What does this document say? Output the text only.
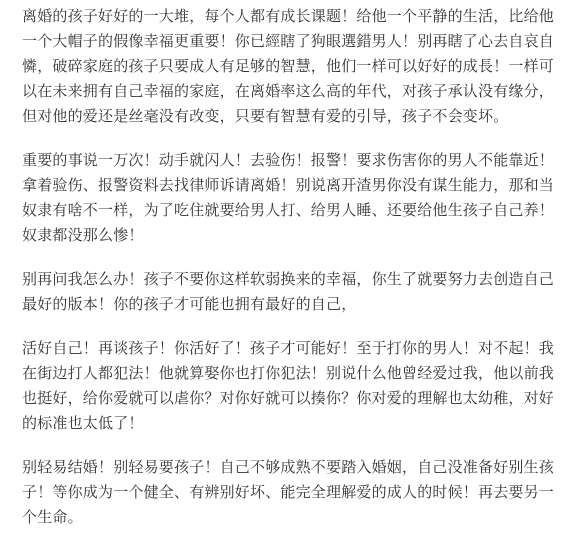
离婚的孩子好好的一大堆，每个人都有成长课题！给他一个平静的生活，比给他
一个大帽子的假像幸福更重要！你已經瞎了狗眼選錯男人！别再瞎了心去自哀自
憐，破碎家庭的孩子只要成人有足够的智慧，他们一样可以好好的成長！一样可
以在未来拥有自己幸福的家庭，在离婚率这么高的年代，对孩子承认没有缘分，
但对他的爱还是丝毫没有改变，只要有智慧有爱的引导，孩子不会变坏。
重要的事说一万次！动手就闪人！去验伤！报警！要求伤害你的男人不能靠近！
拿着验伤、报警资料去找律师诉请离婚！别说离开渣男你没有谋生能力，那和当
奴隶有啥不一样，为了吃住就要给男人打、给男人睡、还要给他生孩子自己养！
奴隶都没那么惨！
别再问我怎么办！孩子不要你这样软弱换来的幸福，你生了就要努力去创造自己
最好的版本！你的孩子才可能也拥有最好的自己，
活好自己！再谈孩子！你活好了！孩子才可能好！至于打你的男人！对不起！我
在街边打人都犯法！他就算娶你也打你犯法！别说什么他曾经爱过我，他以前我
也挺好，给你爱就可以虐你？对你好就可以揍你？你对爱的理解也太幼稚，对好
的标准也太低了！
别轻易结婚！别轻易要孩子！自己不够成熟不要踏入婚姻，自己没准备好别生孩
子！等你成为一个健全、有辨别好坏、能完全理解爱的成人的时候！再去要另一
个生命。
